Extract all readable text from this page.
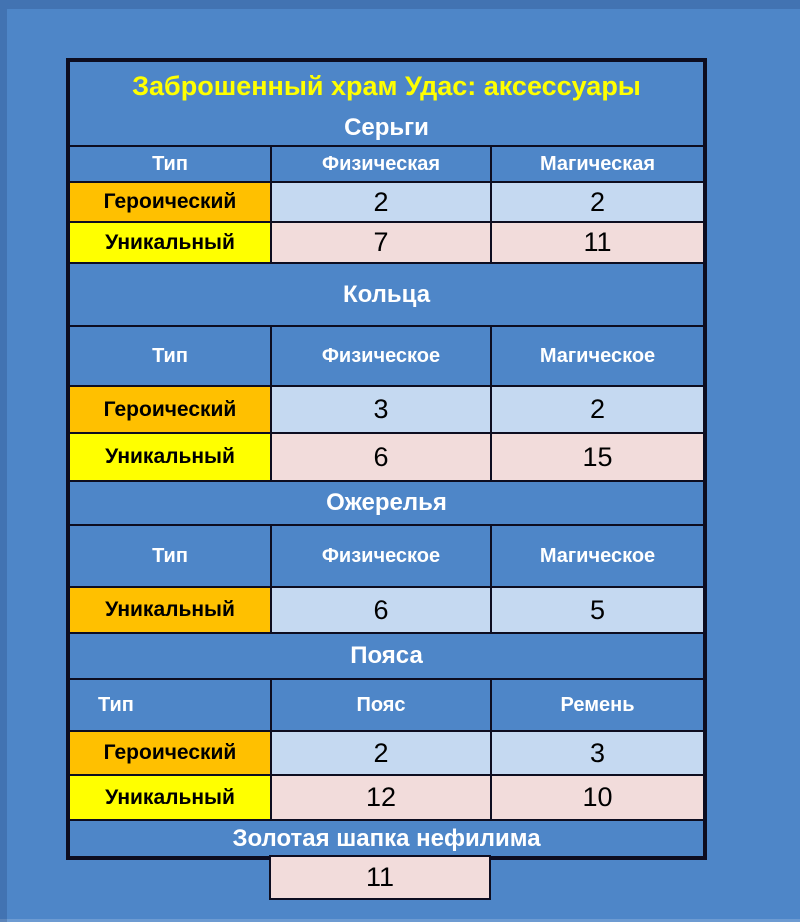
Заброшенный храм Удас: аксессуары		
Серьги		
Тип	Физическая	Магическая
Героический	2	2
Уникальный	7	11
Кольца		
Тип	Физическое	Магическое
Героический	3	2
Уникальный	6	15
Ожерелья		
Тип	Физическое	Магическое
Уникальный	6	5
Пояса		
Тип	Пояс	Ремень
Героический	2	3
Уникальный	12	10
Золотая шапка нефилима		
11
